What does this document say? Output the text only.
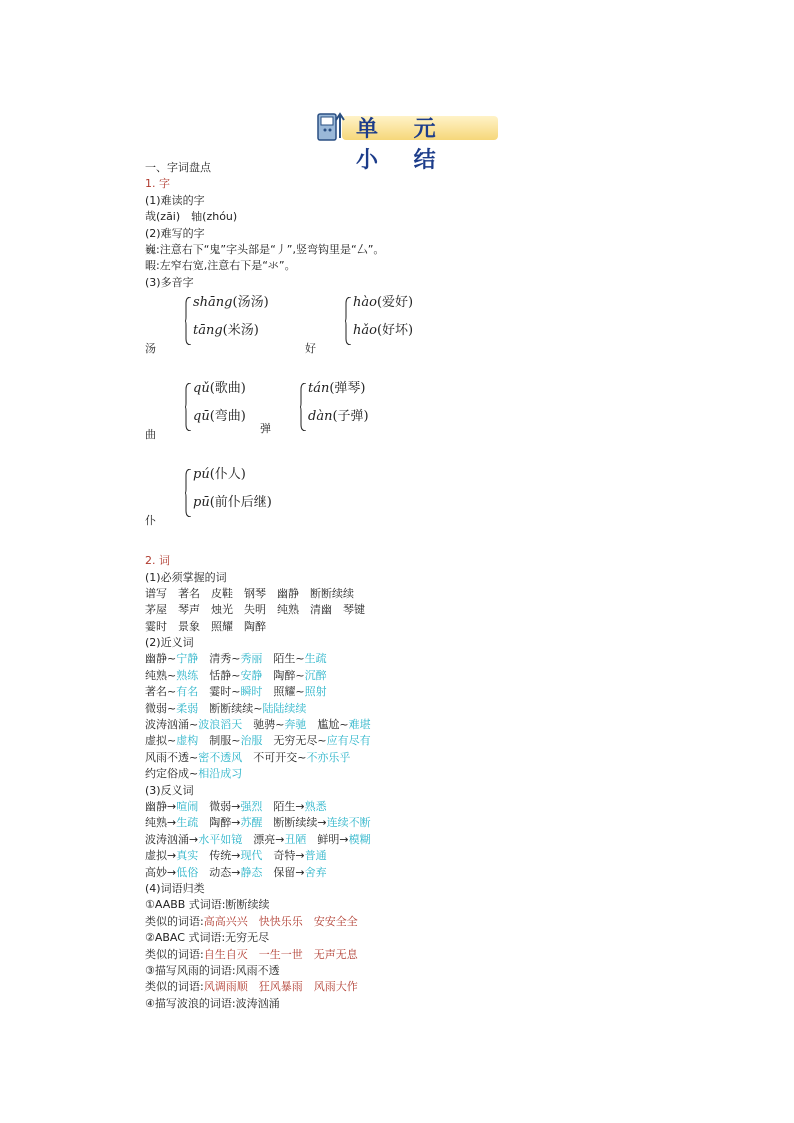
单 元 小 结
一、字词盘点
1. 字
(1)难读的字
哉(zāi)　轴(zhóu)
(2)难写的字
巍:注意右下“鬼”字头部是“丿”,竖弯钩里是“厶”。
暇:左窄右宽,注意右下是“氺”。
(3)多音字
汤
shāng(汤汤)
tāng(米汤)
好
hào(爱好)
hǎo(好坏)
曲
qǔ(歌曲)
qū(弯曲)
弹
tán(弹琴)
dàn(子弹)
仆
pú(仆人)
pū(前仆后继)
2. 词
(1)必须掌握的词
谱写　著名　皮鞋　钢琴　幽静　断断续续
茅屋　琴声　烛光　失明　纯熟　清幽　琴键
霎时　景象　照耀　陶醉
(2)近义词
幽静~宁静　清秀~秀丽　陌生~生疏
纯熟~熟练　恬静~安静　陶醉~沉醉
著名~有名　霎时~瞬时　照耀~照射
微弱~柔弱　断断续续~陆陆续续
波涛汹涌~波浪滔天　驰骋~奔驰　尴尬~难堪
虚拟~虚构　制服~治服　无穷无尽~应有尽有
风雨不透~密不透风　不可开交~不亦乐乎
约定俗成~相沿成习
(3)反义词
幽静→喧闹　微弱→强烈　陌生→熟悉
纯熟→生疏　陶醉→苏醒　断断续续→连续不断
波涛汹涌→水平如镜　漂亮→丑陋　鲜明→模糊
虚拟→真实　传统→现代　奇特→普通
高妙→低俗　动态→静态　保留→舍弃
(4)词语归类
①AABB 式词语:断断续续
类似的词语:高高兴兴　快快乐乐　安安全全
②ABAC 式词语:无穷无尽
类似的词语:自生自灭　一生一世　无声无息
③描写风雨的词语:风雨不透
类似的词语:风调雨顺　狂风暴雨　风雨大作
④描写波浪的词语:波涛汹涌
